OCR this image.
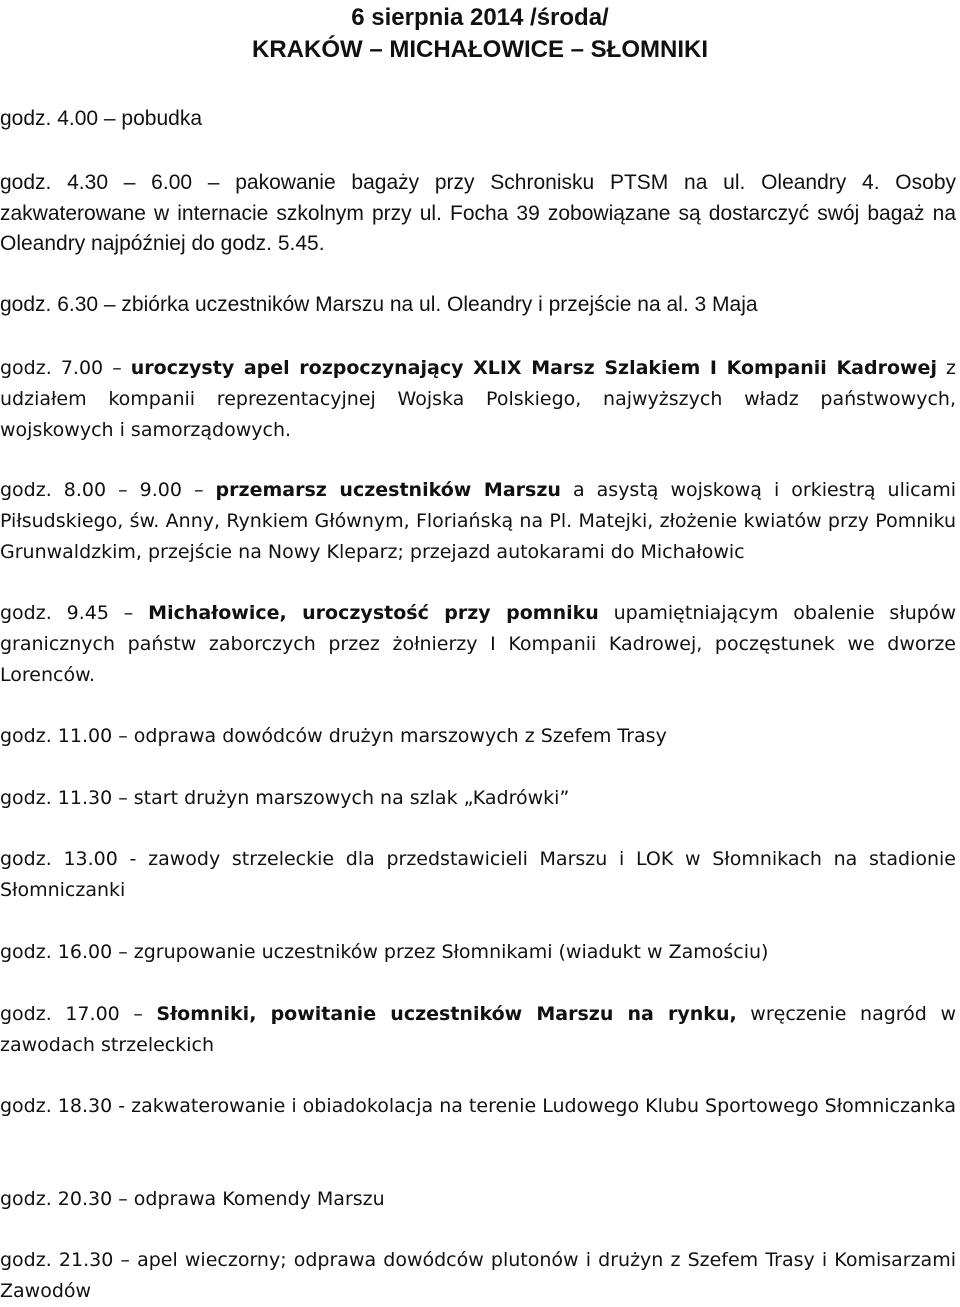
6 sierpnia 2014 /środa/
KRAKÓW – MICHAŁOWICE – SŁOMNIKI

godz. 4.00 – pobudka

godz. 4.30 – 6.00 – pakowanie bagaży przy Schronisku PTSM na ul. Oleandry 4. Osoby zakwaterowane w internacie szkolnym przy ul. Focha 39 zobowiązane są dostarczyć swój bagaż na Oleandry najpóźniej do godz. 5.45.

godz. 6.30 – zbiórka uczestników Marszu na ul. Oleandry i przejście na al. 3 Maja

godz. 7.00 – uroczysty apel rozpoczynający XLIX Marsz Szlakiem I Kompanii Kadrowej z udziałem kompanii reprezentacyjnej Wojska Polskiego, najwyższych władz państwowych, wojskowych i samorządowych.

godz. 8.00 – 9.00 – przemarsz uczestników Marszu a asystą wojskową i orkiestrą ulicami Piłsudskiego, św. Anny, Rynkiem Głównym, Floriańską na Pl. Matejki, złożenie kwiatów przy Pomniku Grunwaldzkim, przejście na Nowy Kleparz; przejazd autokarami do Michałowic

godz. 9.45 – Michałowice, uroczystość przy pomniku upamiętniającym obalenie słupów granicznych państw zaborczych przez żołnierzy I Kompanii Kadrowej, poczęstunek we dworze Lorenców.

godz. 11.00 – odprawa dowódców drużyn marszowych z Szefem Trasy

godz. 11.30 – start drużyn marszowych na szlak „Kadrówki”

godz. 13.00 - zawody strzeleckie dla przedstawicieli Marszu i LOK w Słomnikach na stadionie Słomniczanki

godz. 16.00 – zgrupowanie uczestników przez Słomnikami (wiadukt w Zamościu)

godz. 17.00 – Słomniki, powitanie uczestników Marszu na rynku, wręczenie nagród w zawodach strzeleckich

godz. 18.30 - zakwaterowanie i obiadokolacja na terenie Ludowego Klubu Sportowego Słomniczanka

godz. 20.30 – odprawa Komendy Marszu

godz. 21.30 – apel wieczorny; odprawa dowódców plutonów i drużyn z Szefem Trasy i Komisarzami Zawodów
